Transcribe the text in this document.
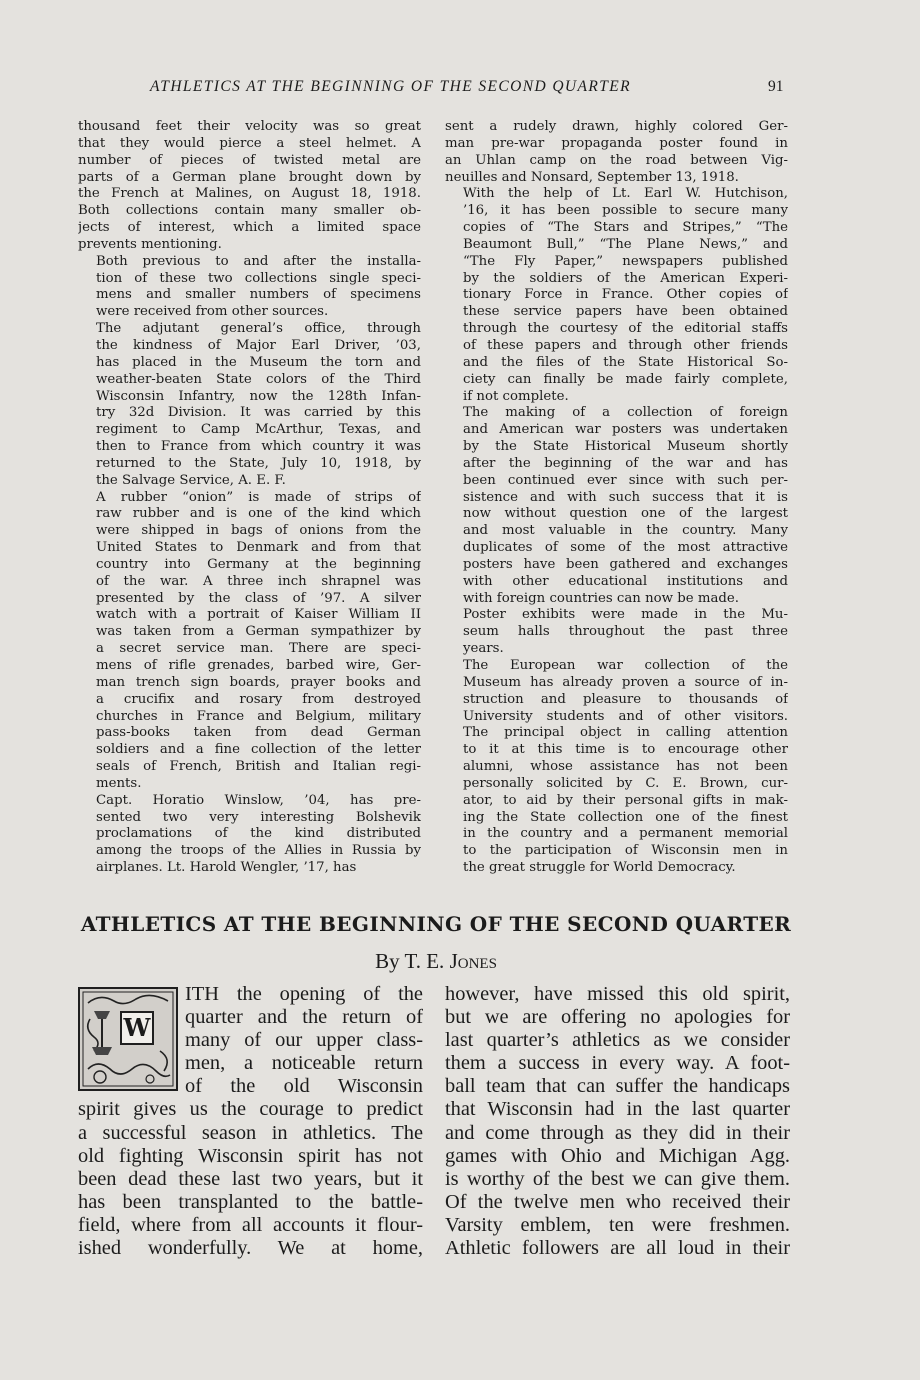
ATHLETICS AT THE BEGINNING OF THE SECOND QUARTER	91

thousand feet their velocity was so great
that they would pierce a steel helmet. A
number of pieces of twisted metal are
parts of a German plane brought down by
the French at Malines, on August 18, 1918.
Both collections contain many smaller ob-
jects of interest, which a limited space
prevents mentioning.

Both previous to and after the installa-
tion of these two collections single speci-
mens and smaller numbers of specimens
were received from other sources.

The adjutant general’s office, through
the kindness of Major Earl Driver, ’03,
has placed in the Museum the torn and
weather-beaten State colors of the Third
Wisconsin Infantry, now the 128th Infan-
try 32d Division. It was carried by this
regiment to Camp McArthur, Texas, and
then to France from which country it was
returned to the State, July 10, 1918, by
the Salvage Service, A. E. F.

A rubber “onion” is made of strips of
raw rubber and is one of the kind which
were shipped in bags of onions from the
United States to Denmark and from that
country into Germany at the beginning
of the war. A three inch shrapnel was
presented by the class of ’97. A silver
watch with a portrait of Kaiser William II
was taken from a German sympathizer by
a secret service man. There are speci-
mens of rifle grenades, barbed wire, Ger-
man trench sign boards, prayer books and
a crucifix and rosary from destroyed
churches in France and Belgium, military
pass-books taken from dead German
soldiers and a fine collection of the letter
seals of French, British and Italian regi-
ments.

Capt. Horatio Winslow, ’04, has pre-
sented two very interesting Bolshevik
proclamations of the kind distributed
among the troops of the Allies in Russia by
airplanes. Lt. Harold Wengler, ’17, has

sent a rudely drawn, highly colored Ger-
man pre-war propaganda poster found in
an Uhlan camp on the road between Vig-
neuilles and Nonsard, September 13, 1918.

With the help of Lt. Earl W. Hutchison,
’16, it has been possible to secure many
copies of “The Stars and Stripes,” “The
Beaumont Bull,” “The Plane News,” and
“The Fly Paper,” newspapers published
by the soldiers of the American Experi-
tionary Force in France. Other copies of
these service papers have been obtained
through the courtesy of the editorial staffs
of these papers and through other friends
and the files of the State Historical So-
ciety can finally be made fairly complete,
if not complete.

The making of a collection of foreign
and American war posters was undertaken
by the State Historical Museum shortly
after the beginning of the war and has
been continued ever since with such per-
sistence and with such success that it is
now without question one of the largest
and most valuable in the country. Many
duplicates of some of the most attractive
posters have been gathered and exchanges
with other educational institutions and
with foreign countries can now be made.

Poster exhibits were made in the Mu-
seum halls throughout the past three
years.

The European war collection of the
Museum has already proven a source of in-
struction and pleasure to thousands of
University students and of other visitors.
The principal object in calling attention
to it at this time is to encourage other
alumni, whose assistance has not been
personally solicited by C. E. Brown, cur-
ator, to aid by their personal gifts in mak-
ing the State collection one of the finest
in the country and a permanent memorial
to the participation of Wisconsin men in
the great struggle for World Democracy.

ATHLETICS AT THE BEGINNING OF THE SECOND QUARTER
By T. E. Jones
W
ITH the opening of the
quarter and the return of
many of our upper class-
men, a noticeable return
of the old Wisconsin
spirit gives us the courage to predict
a successful season in athletics. The
old fighting Wisconsin spirit has not
been dead these last two years, but it
has been transplanted to the battle-
field, where from all accounts it flour-
ished wonderfully. We at home,
however, have missed this old spirit,
but we are offering no apologies for
last quarter’s athletics as we consider
them a success in every way. A foot-
ball team that can suffer the handicaps
that Wisconsin had in the last quarter
and come through as they did in their
games with Ohio and Michigan Agg.
is worthy of the best we can give them.
Of the twelve men who received their
Varsity emblem, ten were freshmen.
Athletic followers are all loud in their
